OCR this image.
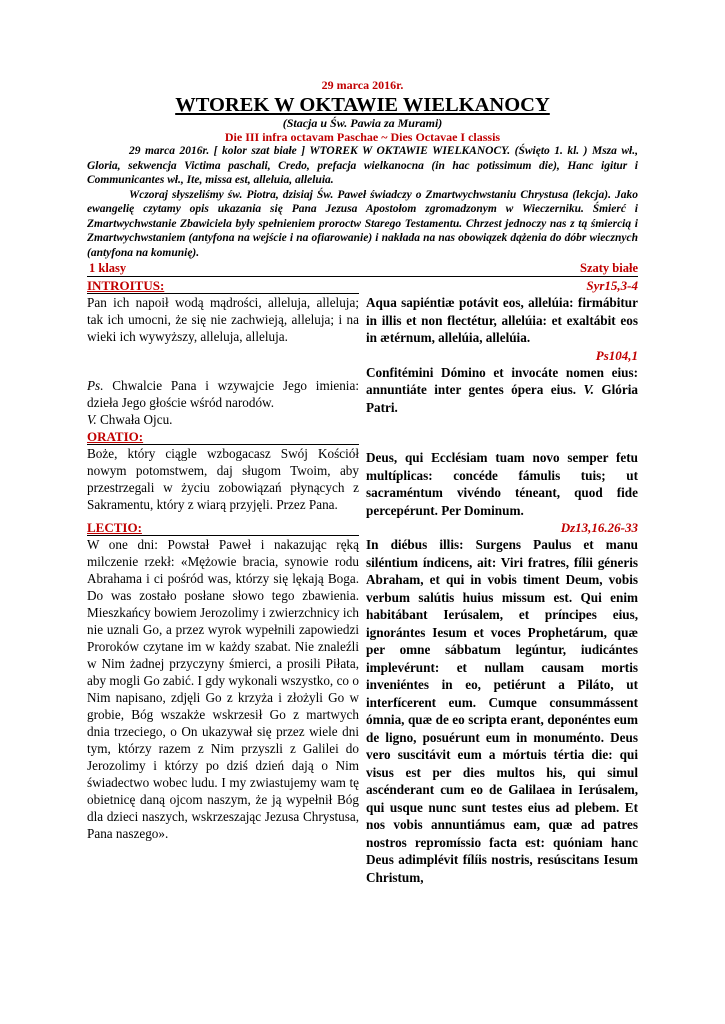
29 marca 2016r.
WTOREK W OKTAWIE WIELKANOCY
(Stacja u Św. Pawia za Murami)
Die III infra octavam Paschae ~ Dies Octavae I classis

29 marca 2016r. [ kolor szat białe ] WTOREK W OKTAWIE WIELKANOCY. (Święto 1. kl. ) Msza wł., Gloria, sekwencja Victima paschali, Credo, prefacja wielkanocna (in hac potissimum die), Hanc igitur i Communicantes wł., Ite, missa est, alleluia, alleluia.

Wczoraj słyszeliśmy św. Piotra, dzisiaj Św. Paweł świadczy o Zmartwychwstaniu Chrystusa (lekcja). Jako ewangelię czytamy opis ukazania się Pana Jezusa Apostołom zgromadzonym w Wieczerniku. Śmierć i Zmartwychwstanie Zbawiciela były spełnieniem proroctw Starego Testamentu. Chrzest jednoczy nas z tą śmiercią i Zmartwychwstaniem (antyfona na wejście i na ofiarowanie) i nakłada na nas obowiązek dążenia do dóbr wiecznych (antyfona na komunię).

1 klasy	Szaty białe
INTROITUS:	Syr15,3-4

Pan ich napoił wodą mądrości, alleluja, alleluja; tak ich umocni, że się nie zachwieją, alleluja; i na wieki ich wywyższy, alleluja, alleluja.

Ps. Chwalcie Pana i wzywajcie Jego imienia: dzieła Jego głoście wśród narodów.
V. Chwała Ojcu.

Aqua sapiéntiæ potávit eos, allelúia: firmábitur in illis et non flectétur, allelúia: et exaltábit eos in ætérnum, allelúia, allelúia.

Ps104,1

Confitémini Dómino et invocáte nomen eius: annuntiáte inter gentes ópera eius. V. Glória Patri.

ORATIO:

Boże, który ciągle wzbogacasz Swój Kościół nowym potomstwem, daj sługom Twoim, aby przestrzegali w życiu zobowiązań płynących z Sakramentu, który z wiarą przyjęli. Przez Pana.

Deus, qui Ecclésiam tuam novo semper fetu multíplicas: concéde fámulis tuis; ut sacraméntum vivéndo téneant, quod fide percepérunt. Per Dominum.

LECTIO:	Dz13,16.26-33

W one dni: Powstał Paweł i nakazując ręką milczenie rzekł: «Mężowie bracia, synowie rodu Abrahama i ci pośród was, którzy się lękają Boga. Do was zostało posłane słowo tego zbawienia. Mieszkańcy bowiem Jerozolimy i zwierzchnicy ich nie uznali Go, a przez wyrok wypełnili zapowiedzi Proroków czytane im w każdy szabat. Nie znaleźli w Nim żadnej przyczyny śmierci, a prosili Piłata, aby mogli Go zabić. I gdy wykonali wszystko, co o Nim napisano, zdjęli Go z krzyża i złożyli Go w grobie, Bóg wszakże wskrzesił Go z martwych dnia trzeciego, o On ukazywał się przez wiele dni tym, którzy razem z Nim przyszli z Galilei do Jerozolimy i którzy po dziś dzień dają o Nim świadectwo wobec ludu. I my zwiastujemy wam tę obietnicę daną ojcom naszym, że ją wypełnił Bóg dla dzieci naszych, wskrzeszając Jezusa Chrystusa, Pana naszego».

In diébus illis: Surgens Paulus et manu siléntium índicens, ait: Viri fratres, fílii géneris Abraham, et qui in vobis timent Deum, vobis verbum salútis huius missum est. Qui enim habitábant Ierúsalem, et príncipes eius, ignorántes Iesum et voces Prophetárum, quæ per omne sábbatum legúntur, iudicántes implevérunt: et nullam causam mortis inveniéntes in eo, petiérunt a Piláto, ut interfícerent eum. Cumque consummássent ómnia, quæ de eo scripta erant, deponéntes eum de ligno, posuérunt eum in monuménto. Deus vero suscitávit eum a mórtuis tértia die: qui visus est per dies multos his, qui simul ascénderant cum eo de Galilaea in Ierúsalem, qui usque nunc sunt testes eius ad plebem. Et nos vobis annuntiámus eam, quæ ad patres nostros repromíssio facta est: quóniam hanc Deus adimplévit fílíis nostris, resúscitans Iesum Christum,
